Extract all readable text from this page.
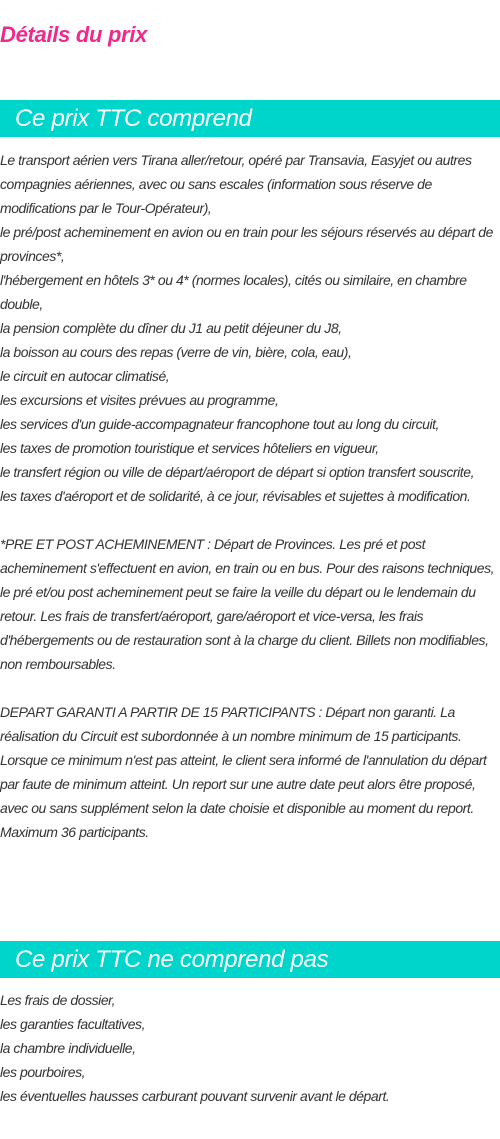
Détails du prix
Ce prix TTC comprend
Le transport aérien vers Tirana aller/retour, opéré par Transavia, Easyjet ou autres compagnies aériennes, avec ou sans escales (information sous réserve de modifications par le Tour-Opérateur),
le pré/post acheminement en avion ou en train pour les séjours réservés au départ de provinces*,
l'hébergement en hôtels 3* ou 4* (normes locales), cités ou similaire, en chambre double,
la pension complète du dîner du J1 au petit déjeuner du J8,
la boisson au cours des repas (verre de vin, bière, cola, eau),
le circuit en autocar climatisé,
les excursions et visites prévues au programme,
les services d'un guide-accompagnateur francophone tout au long du circuit,
les taxes de promotion touristique et services hôteliers en vigueur,
le transfert région ou ville de départ/aéroport de départ si option transfert souscrite,
les taxes d'aéroport et de solidarité, à ce jour, révisables et sujettes à modification.

*PRE ET POST ACHEMINEMENT : Départ de Provinces. Les pré et post acheminement s'effectuent en avion, en train ou en bus. Pour des raisons techniques, le pré et/ou post acheminement peut se faire la veille du départ ou le lendemain du retour. Les frais de transfert/aéroport, gare/aéroport et vice-versa, les frais d'hébergements ou de restauration sont à la charge du client. Billets non modifiables, non remboursables.

DEPART GARANTI A PARTIR DE 15 PARTICIPANTS : Départ non garanti. La réalisation du Circuit est subordonnée à un nombre minimum de 15 participants. Lorsque ce minimum n'est pas atteint, le client sera informé de l'annulation du départ par faute de minimum atteint. Un report sur une autre date peut alors être proposé, avec ou sans supplément selon la date choisie et disponible au moment du report. Maximum 36 participants.

Ce prix TTC ne comprend pas
Les frais de dossier,
les garanties facultatives,
la chambre individuelle,
les pourboires,
les éventuelles hausses carburant pouvant survenir avant le départ.
